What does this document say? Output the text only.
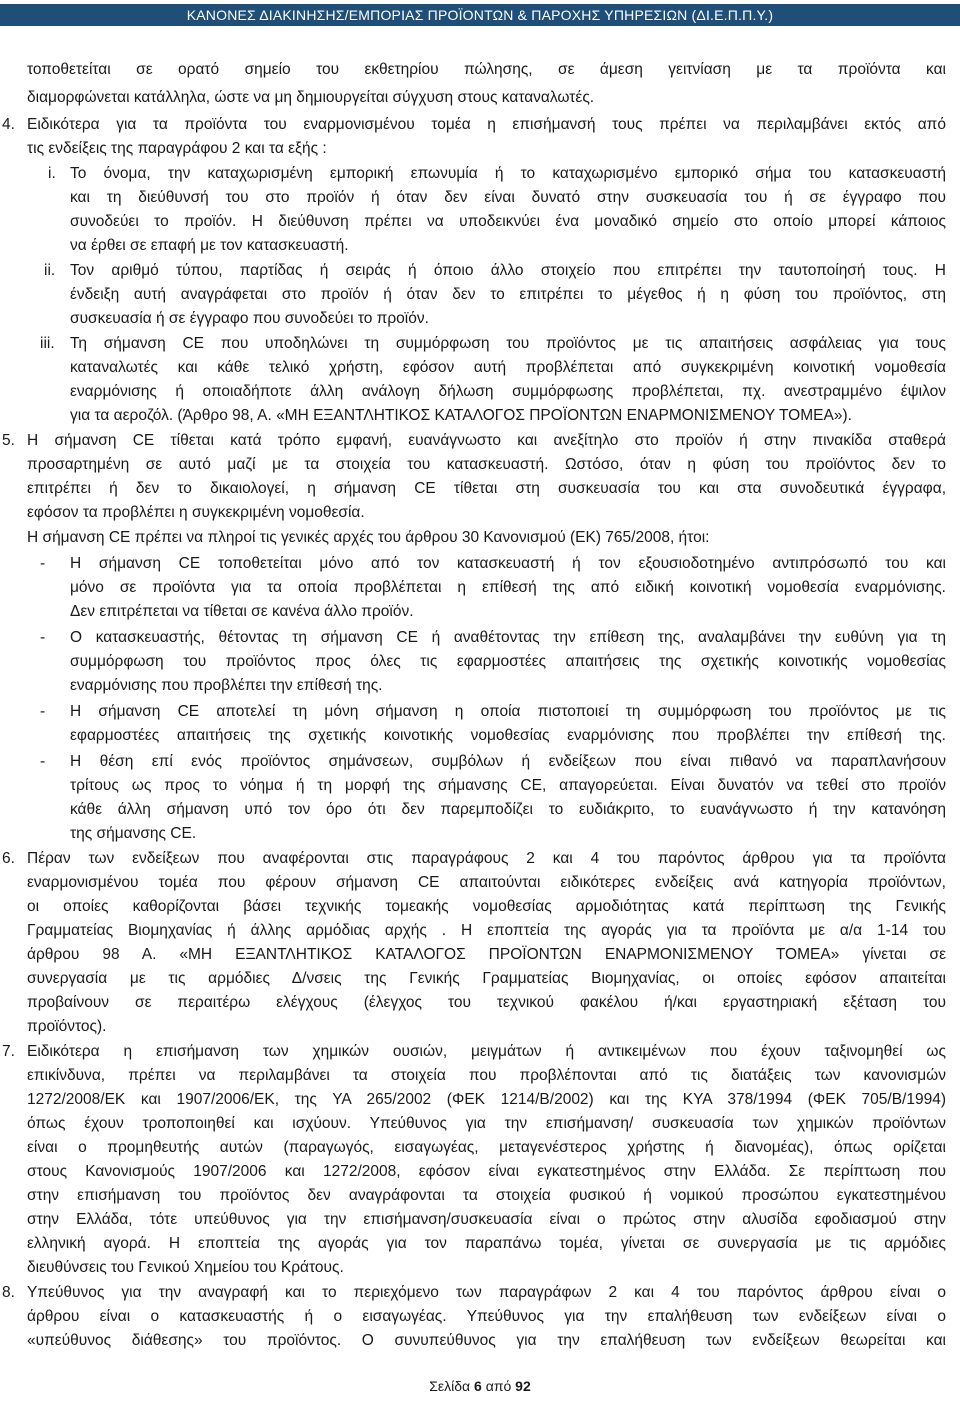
ΚΑΝΟΝΕΣ ΔΙΑΚΙΝΗΣΗΣ/ΕΜΠΟΡΙΑΣ ΠΡΟΪΟΝΤΩΝ & ΠΑΡΟΧΗΣ ΥΠΗΡΕΣΙΩΝ (ΔΙ.Ε.Π.Π.Υ.)
τοποθετείται σε ορατό σημείο του εκθετηρίου πώλησης, σε άμεση γειτνίαση με τα προϊόντα και
διαμορφώνεται κατάλληλα, ώστε να μη δημιουργείται σύγχυση στους καταναλωτές.
Ειδικότερα για τα προϊόντα του εναρμονισμένου τομέα η επισήμανσή τους πρέπει να περιλαμβάνει εκτός από
τις ενδείξεις της παραγράφου 2 και τα εξής :
Το όνομα, την καταχωρισμένη εμπορική επωνυμία ή το καταχωρισμένο εμπορικό σήμα του κατασκευαστή
και τη διεύθυνσή του στο προϊόν ή όταν δεν είναι δυνατό στην συσκευασία του ή σε έγγραφο που
συνοδεύει το προϊόν. Η διεύθυνση πρέπει να υποδεικνύει ένα μοναδικό σημείο στο οποίο μπορεί κάποιος
να έρθει σε επαφή με τον κατασκευαστή.
Τον αριθμό τύπου, παρτίδας ή σειράς ή όποιο άλλο στοιχείο που επιτρέπει την ταυτοποίησή τους. Η
ένδειξη αυτή αναγράφεται στο προϊόν ή όταν δεν το επιτρέπει το μέγεθος ή η φύση του προϊόντος, στη
συσκευασία ή σε έγγραφο που συνοδεύει το προϊόν.
Τη σήμανση CE που υποδηλώνει τη συμμόρφωση του προϊόντος με τις απαιτήσεις ασφάλειας για τους
καταναλωτές και κάθε τελικό χρήστη, εφόσον αυτή προβλέπεται από συγκεκριμένη κοινοτική νομοθεσία
εναρμόνισης ή οποιαδήποτε άλλη ανάλογη δήλωση συμμόρφωσης προβλέπεται, πχ. ανεστραμμένο έψιλον
για τα αεροζόλ. (Άρθρο 98, Α. «ΜΗ ΕΞΑΝΤΛΗΤΙΚΟΣ ΚΑΤΑΛΟΓΟΣ ΠΡΟΪΟΝΤΩΝ ΕΝΑΡΜΟΝΙΣΜΕΝΟΥ ΤΟΜΕΑ»).
Η σήμανση CE τίθεται κατά τρόπο εμφανή, ευανάγνωστο και ανεξίτηλο στο προϊόν ή στην πινακίδα σταθερά
προσαρτημένη σε αυτό μαζί με τα στοιχεία του κατασκευαστή. Ωστόσο, όταν η φύση του προϊόντος δεν το
επιτρέπει ή δεν το δικαιολογεί, η σήμανση CE τίθεται στη συσκευασία του και στα συνοδευτικά έγγραφα,
εφόσον τα προβλέπει η συγκεκριμένη νομοθεσία.
Η σήμανση CE πρέπει να πληροί τις γενικές αρχές του άρθρου 30 Κανονισμού (ΕΚ) 765/2008, ήτοι:
Η σήμανση CE τοποθετείται μόνο από τον κατασκευαστή ή τον εξουσιοδοτημένο αντιπρόσωπό του και
μόνο σε προϊόντα για τα οποία προβλέπεται η επίθεσή της από ειδική κοινοτική νομοθεσία εναρμόνισης.
Δεν επιτρέπεται να τίθεται σε κανένα άλλο προϊόν.
Ο κατασκευαστής, θέτοντας τη σήμανση CE ή αναθέτοντας την επίθεση της, αναλαμβάνει την ευθύνη για τη
συμμόρφωση του προϊόντος προς όλες τις εφαρμοστέες απαιτήσεις της σχετικής κοινοτικής νομοθεσίας
εναρμόνισης που προβλέπει την επίθεσή της.
Η σήμανση CE αποτελεί τη μόνη σήμανση η οποία πιστοποιεί τη συμμόρφωση του προϊόντος με τις
εφαρμοστέες απαιτήσεις της σχετικής κοινοτικής νομοθεσίας εναρμόνισης που προβλέπει την επίθεσή της.
Η θέση επί ενός προϊόντος σημάνσεων, συμβόλων ή ενδείξεων που είναι πιθανό να παραπλανήσουν
τρίτους ως προς το νόημα ή τη μορφή της σήμανσης CE, απαγορεύεται. Είναι δυνατόν να τεθεί στο προϊόν
κάθε άλλη σήμανση υπό τον όρο ότι δεν παρεμποδίζει το ευδιάκριτο, το ευανάγνωστο ή την κατανόηση
της σήμανσης CE.
Πέραν των ενδείξεων που αναφέρονται στις παραγράφους 2 και 4 του παρόντος άρθρου για τα προϊόντα
εναρμονισμένου τομέα που φέρουν σήμανση CE απαιτούνται ειδικότερες ενδείξεις ανά κατηγορία προϊόντων,
οι οποίες καθορίζονται βάσει τεχνικής τομεακής νομοθεσίας αρμοδιότητας κατά περίπτωση της Γενικής
Γραμματείας Βιομηχανίας ή άλλης αρμόδιας αρχής . Η εποπτεία της αγοράς για τα προϊόντα με α/α 1-14 του
άρθρου 98 Α. «ΜΗ ΕΞΑΝΤΛΗΤΙΚΟΣ ΚΑΤΑΛΟΓΟΣ ΠΡΟΪΟΝΤΩΝ ΕΝΑΡΜΟΝΙΣΜΕΝΟΥ ΤΟΜΕΑ» γίνεται σε
συνεργασία με τις αρμόδιες Δ/νσεις της Γενικής Γραμματείας Βιομηχανίας, οι οποίες εφόσον απαιτείται
προβαίνουν σε περαιτέρω ελέγχους (έλεγχος του τεχνικού φακέλου ή/και εργαστηριακή εξέταση του
προϊόντος).
Ειδικότερα η επισήμανση των χημικών ουσιών, μειγμάτων ή αντικειμένων που έχουν ταξινομηθεί ως
επικίνδυνα, πρέπει να περιλαμβάνει τα στοιχεία που προβλέπονται από τις διατάξεις των κανονισμών
1272/2008/ΕΚ και 1907/2006/ΕΚ, της ΥΑ 265/2002 (ΦΕΚ 1214/Β/2002) και της ΚΥΑ 378/1994 (ΦΕΚ 705/Β/1994)
όπως έχουν τροποποιηθεί και ισχύουν. Υπεύθυνος για την επισήμανση/ συσκευασία των χημικών προϊόντων
είναι ο προμηθευτής αυτών (παραγωγός, εισαγωγέας, μεταγενέστερος χρήστης ή διανομέας), όπως ορίζεται
στους Κανονισμούς 1907/2006 και 1272/2008, εφόσον είναι εγκατεστημένος στην Ελλάδα. Σε περίπτωση που
στην επισήμανση του προϊόντος δεν αναγράφονται τα στοιχεία φυσικού ή νομικού προσώπου εγκατεστημένου
στην Ελλάδα, τότε υπεύθυνος για την επισήμανση/συσκευασία είναι ο πρώτος στην αλυσίδα εφοδιασμού στην
ελληνική αγορά. Η εποπτεία της αγοράς για τον παραπάνω τομέα, γίνεται σε συνεργασία με τις αρμόδιες
διευθύνσεις του Γενικού Χημείου του Κράτους.
Υπεύθυνος για την αναγραφή και το περιεχόμενο των παραγράφων 2 και 4 του παρόντος άρθρου είναι ο
άρθρου είναι ο κατασκευαστής ή ο εισαγωγέας. Υπεύθυνος για την επαλήθευση των ενδείξεων είναι ο
«υπεύθυνος διάθεσης» του προϊόντος. Ο συνυπεύθυνος για την επαλήθευση των ενδείξεων θεωρείται και
4.
i.
ii.
iii.
5.
-
-
-
-
6.
7.
8.
Σελίδα 6 από 92
